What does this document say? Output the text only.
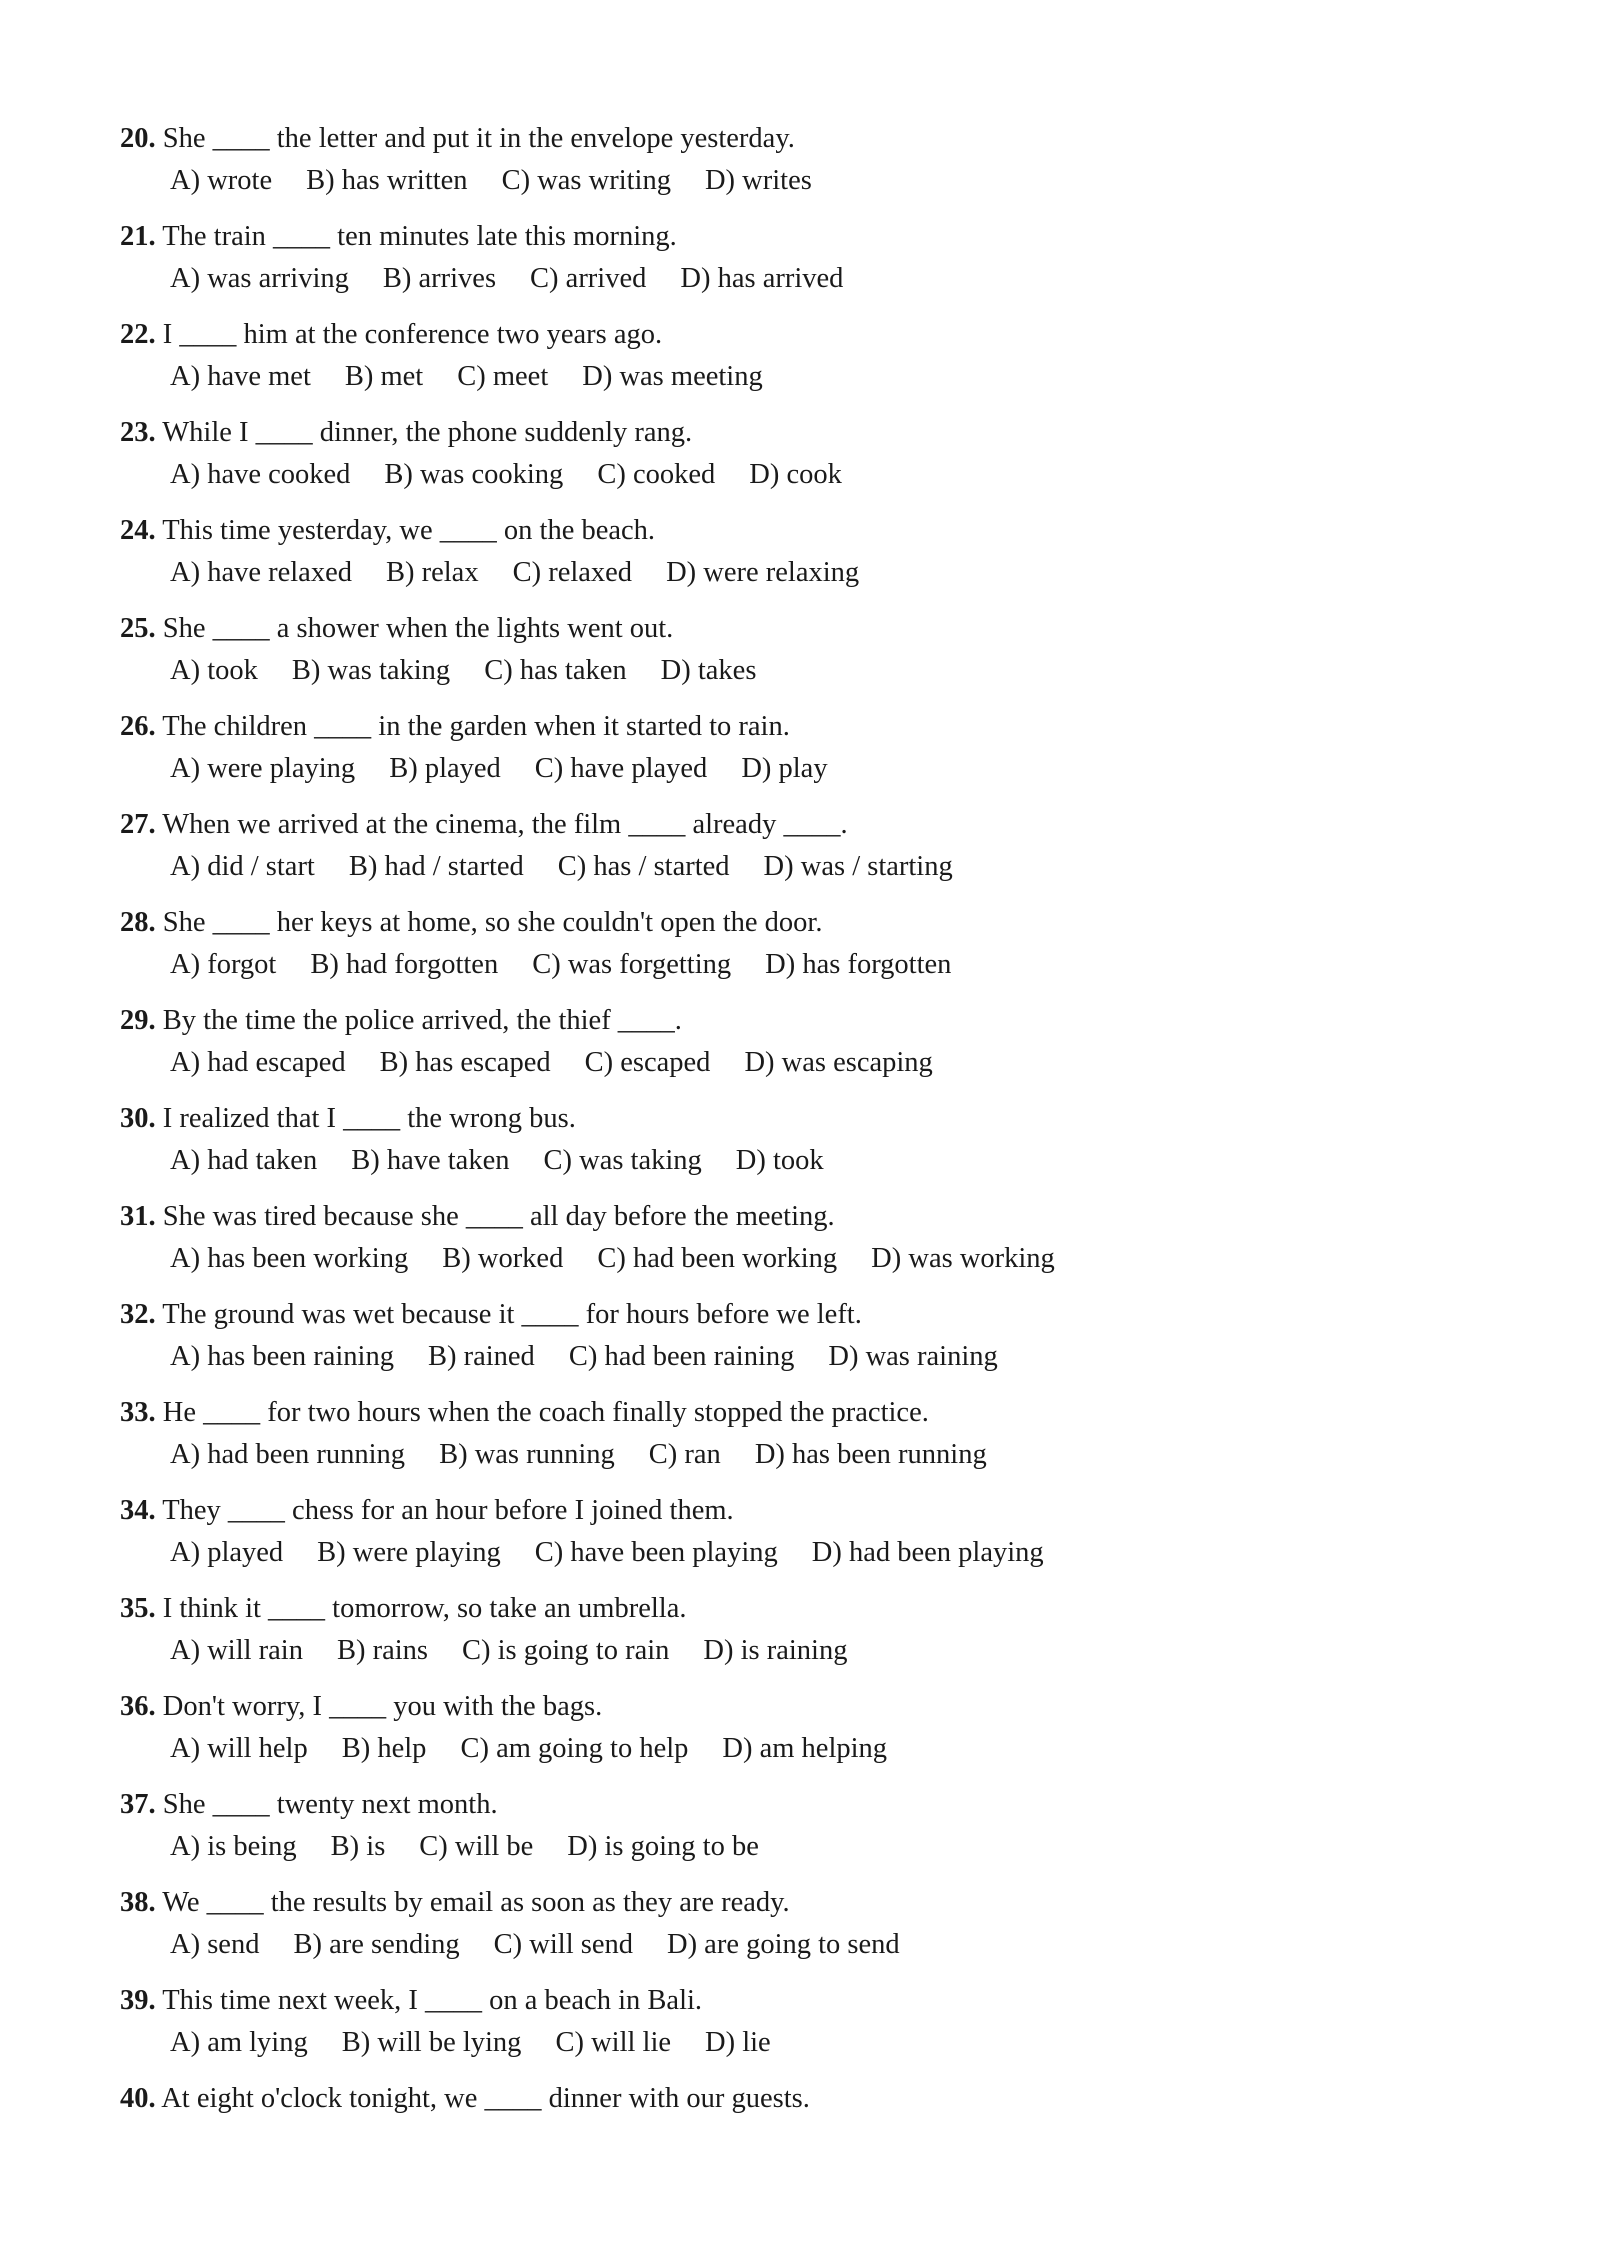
20. She ____ the letter and put it in the envelope yesterday.
A) wrote B) has written C) was writing D) writes
21. The train ____ ten minutes late this morning.
A) was arriving B) arrives C) arrived D) has arrived
22. I ____ him at the conference two years ago.
A) have met B) met C) meet D) was meeting
23. While I ____ dinner, the phone suddenly rang.
A) have cooked B) was cooking C) cooked D) cook
24. This time yesterday, we ____ on the beach.
A) have relaxed B) relax C) relaxed D) were relaxing
25. She ____ a shower when the lights went out.
A) took B) was taking C) has taken D) takes
26. The children ____ in the garden when it started to rain.
A) were playing B) played C) have played D) play
27. When we arrived at the cinema, the film ____ already ____.
A) did / start B) had / started C) has / started D) was / starting
28. She ____ her keys at home, so she couldn't open the door.
A) forgot B) had forgotten C) was forgetting D) has forgotten
29. By the time the police arrived, the thief ____.
A) had escaped B) has escaped C) escaped D) was escaping
30. I realized that I ____ the wrong bus.
A) had taken B) have taken C) was taking D) took
31. She was tired because she ____ all day before the meeting.
A) has been working B) worked C) had been working D) was working
32. The ground was wet because it ____ for hours before we left.
A) has been raining B) rained C) had been raining D) was raining
33. He ____ for two hours when the coach finally stopped the practice.
A) had been running B) was running C) ran D) has been running
34. They ____ chess for an hour before I joined them.
A) played B) were playing C) have been playing D) had been playing
35. I think it ____ tomorrow, so take an umbrella.
A) will rain B) rains C) is going to rain D) is raining
36. Don't worry, I ____ you with the bags.
A) will help B) help C) am going to help D) am helping
37. She ____ twenty next month.
A) is being B) is C) will be D) is going to be
38. We ____ the results by email as soon as they are ready.
A) send B) are sending C) will send D) are going to send
39. This time next week, I ____ on a beach in Bali.
A) am lying B) will be lying C) will lie D) lie
40. At eight o'clock tonight, we ____ dinner with our guests.
